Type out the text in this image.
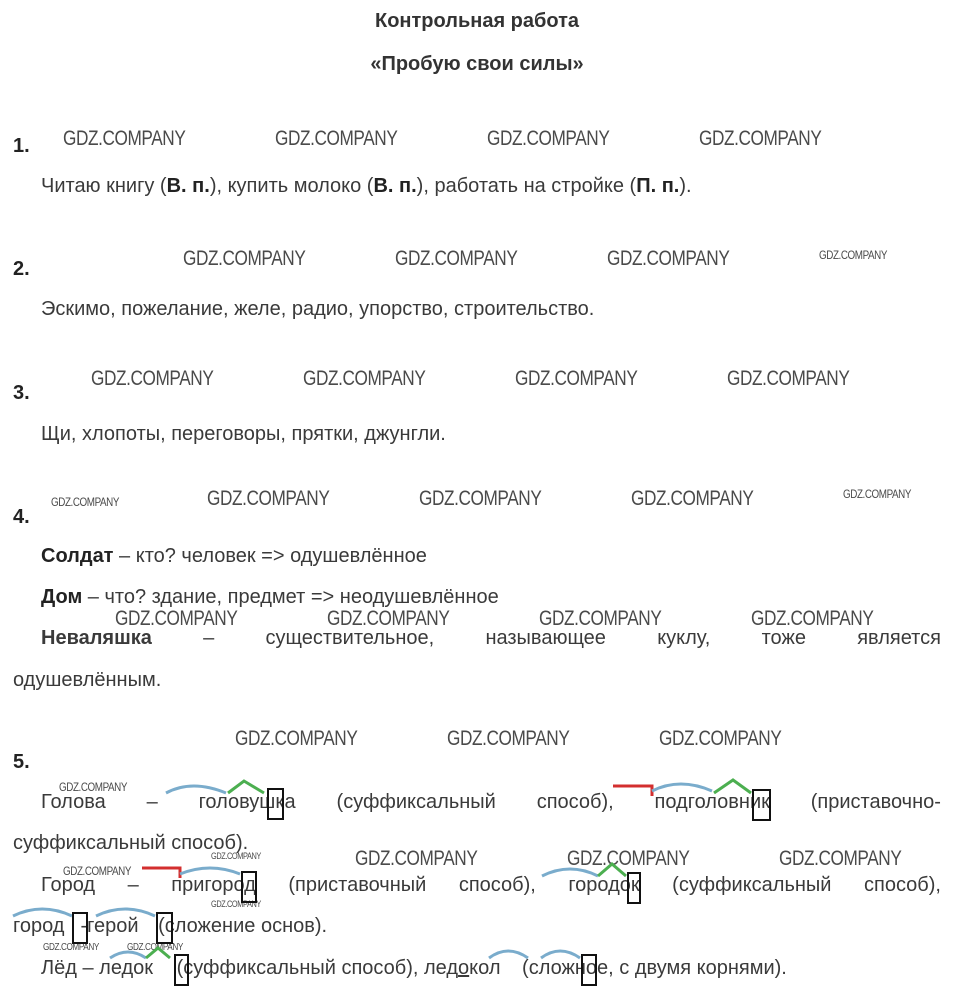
Контрольная работа
«Пробую свои силы»
GDZ.COMPANY	GDZ.COMPANY	GDZ.COMPANY	GDZ.COMPANY
GDZ.COMPANY	GDZ.COMPANY	GDZ.COMPANY	GDZ.COMPANY
GDZ.COMPANY	GDZ.COMPANY	GDZ.COMPANY	GDZ.COMPANY
GDZ.COMPANY	GDZ.COMPANY	GDZ.COMPANY	GDZ.COMPANY	GDZ.COMPANY
GDZ.COMPANY	GDZ.COMPANY	GDZ.COMPANY	GDZ.COMPANY
GDZ.COMPANY	GDZ.COMPANY	GDZ.COMPANY
GDZ.COMPANY
GDZ.COMPANY
GDZ.COMPANY
GDZ.COMPANY
GDZ.COMPANY	GDZ.COMPANY	GDZ.COMPANY
GDZ.COMPANY	GDZ.COMPANY
1.
2.
3.
4.
5.
Читаю книгу (В. п.), купить молоко (В. п.), работать на стройке (П. п.).
Эскимо, пожелание, желе, радио, упорство, строительство.
Щи, хлопоты, переговоры, прятки, джунгли.
Солдат – кто? человек => одушевлённое
Дом – что? здание, предмет => неодушевлённое
Неваляшка	–	существительное,	называющее	куклу,	тоже	является
одушевлённым.
Голова – головушка (суффиксальный способ), подголовник (приставочно-
суффиксальный способ).
Город – пригород (приставочный способ), городок (суффиксальный способ),
город -герой (сложение основ).
Лёд – ледок (суффиксальный способ), ледокол (сложное, с двумя корнями).
